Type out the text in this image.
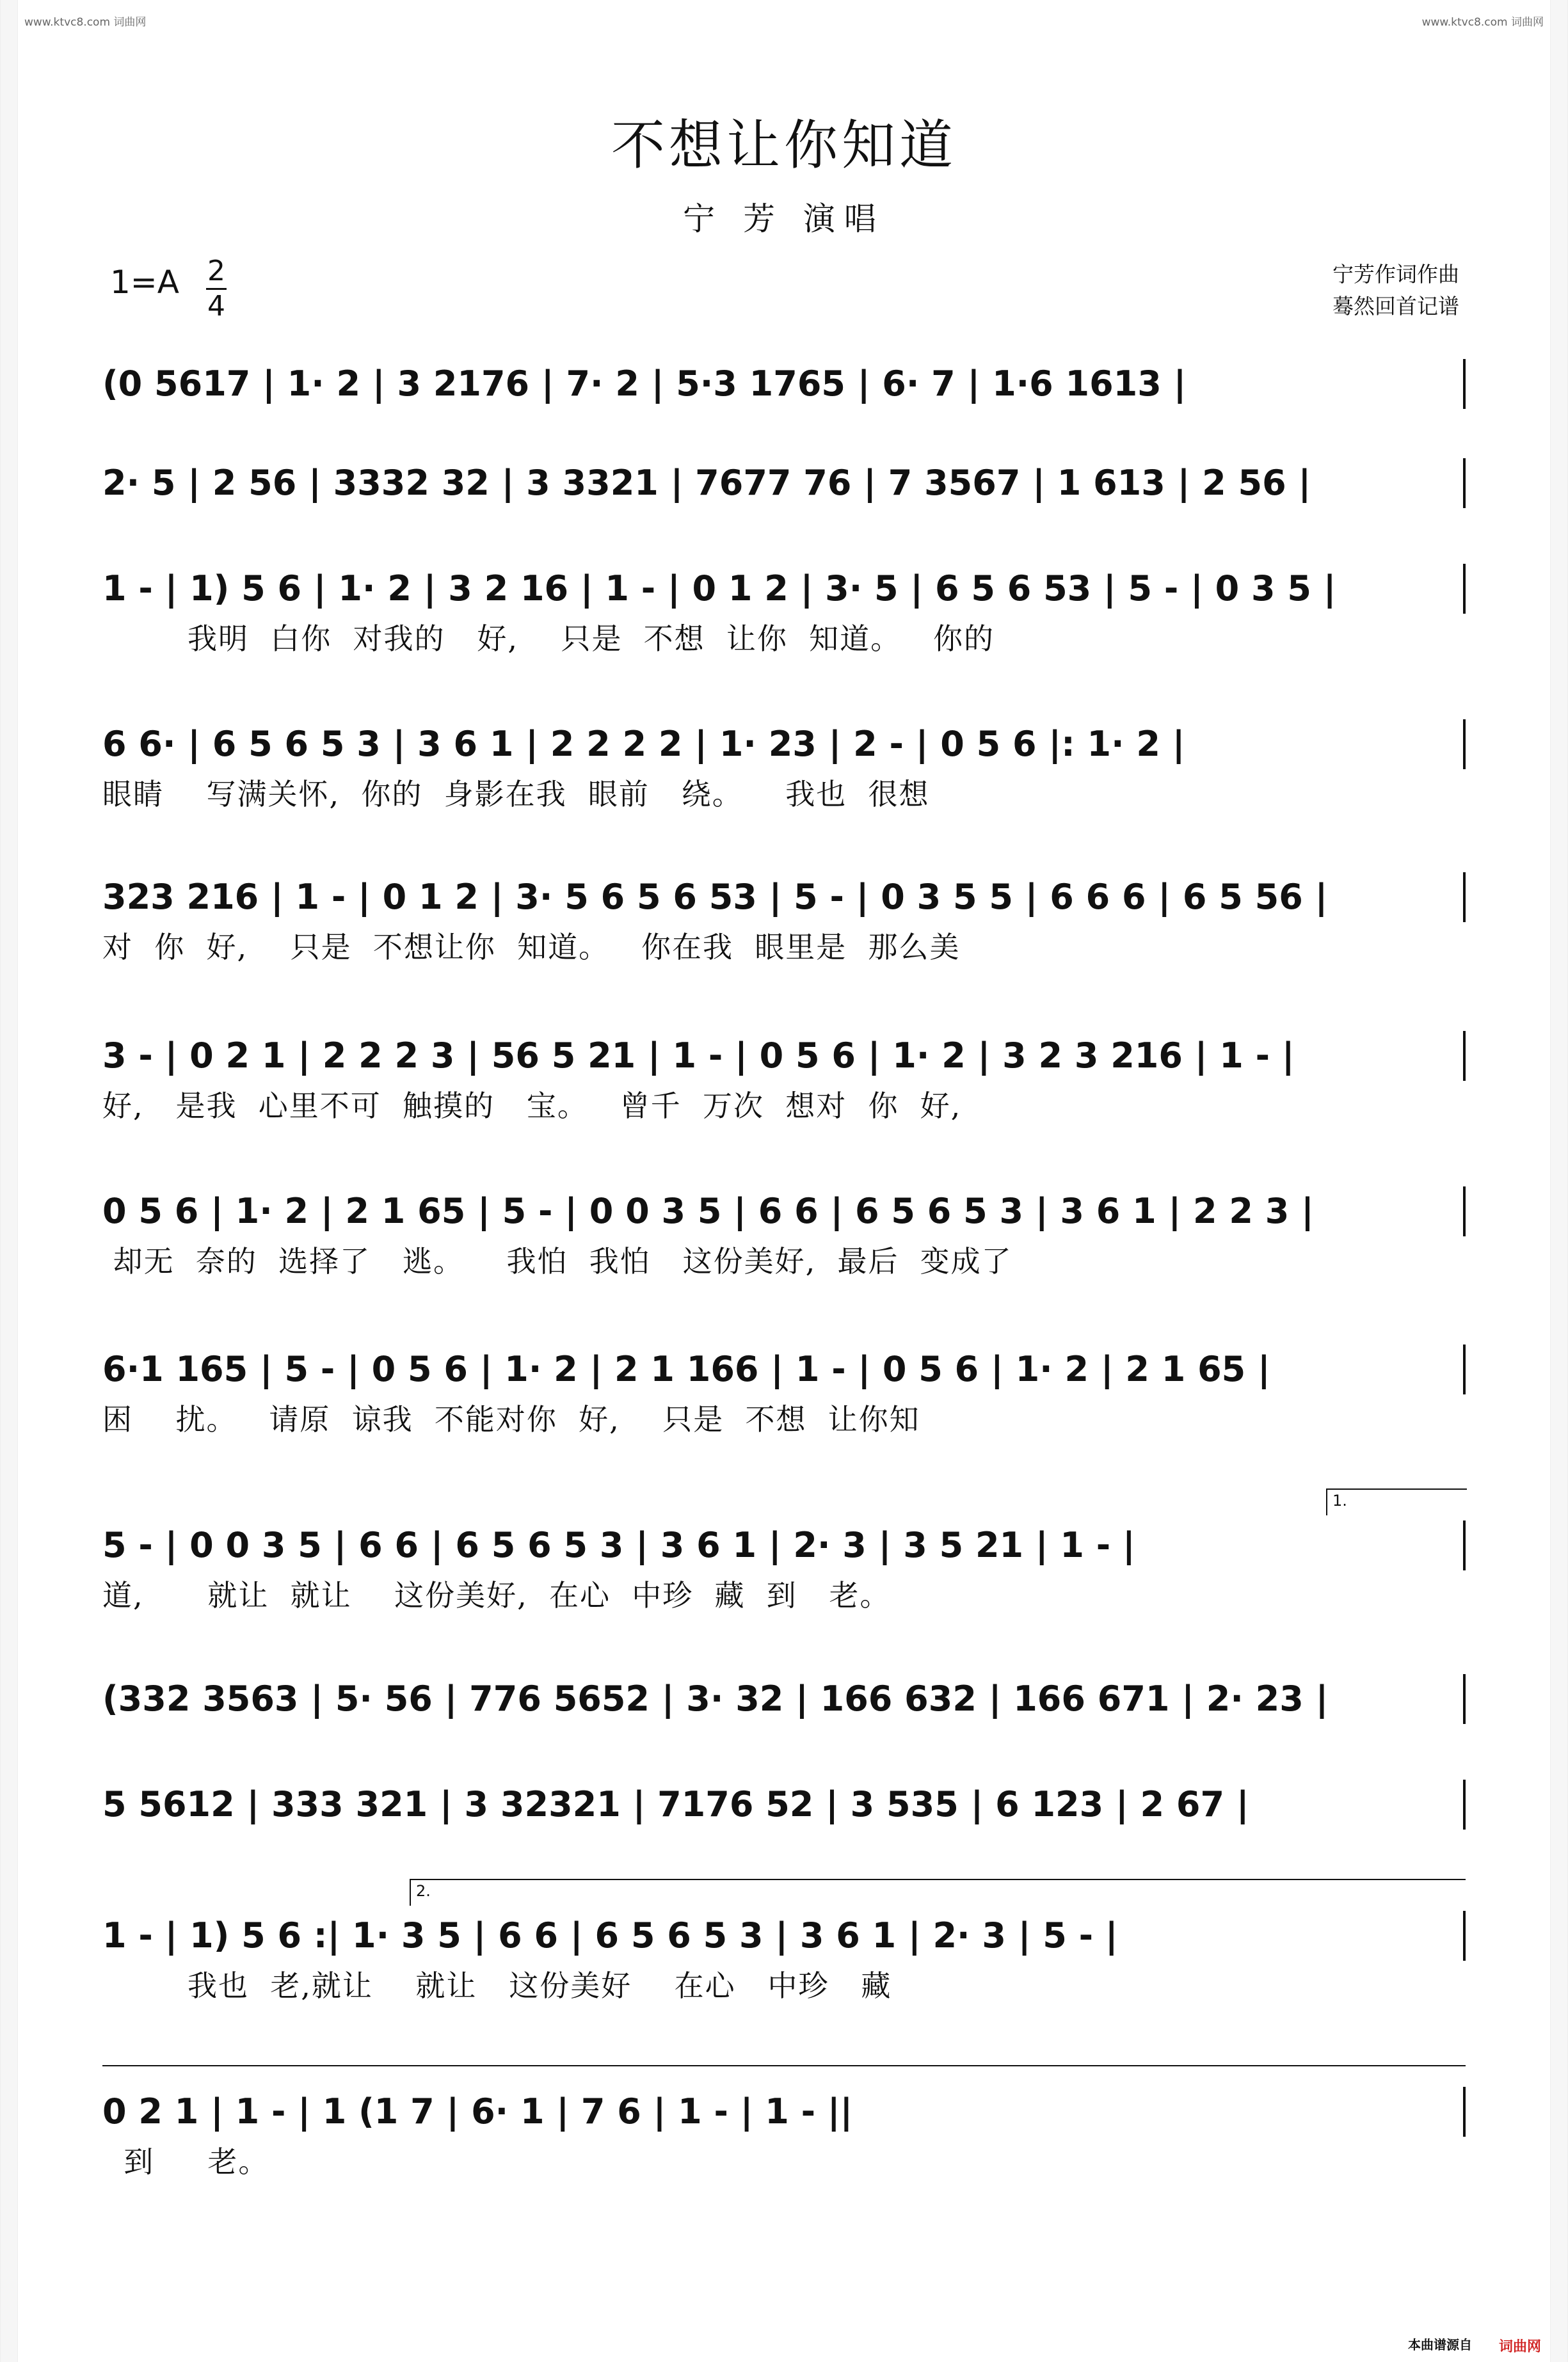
www.ktvc8.com 词曲网	www.ktvc8.com 词曲网
不想让你知道
宁 芳 演唱
1=A 2
4
宁芳作词作曲
蓦然回首记谱
(0 5617 | 1· 2 | 3 2176 | 7· 2 | 5·3 1765 | 6· 7 | 1·6 1613 |
2· 5 | 2 56 | 3332 32 | 3 3321 | 7677 76 | 7 3567 | 1 613 | 2 56 |
1 - | 1) 5 6 | 1· 2 | 3 2 16 | 1 - | 0 1 2 | 3· 5 | 6 5 6 53 | 5 - | 0 3 5 |
我明  白你  对我的   好,    只是  不想  让你  知道。   你的
6 6· | 6 5 6 5 3 | 3 6 1 | 2 2 2 2 | 1· 23 | 2 - | 0 5 6 |: 1· 2 |
眼睛    写满关怀,  你的  身影在我  眼前   绕。    我也  很想
323 216 | 1 - | 0 1 2 | 3· 5 6 5 6 53 | 5 - | 0 3 5 5 | 6 6 6 | 6 5 56 |
对  你  好,    只是  不想让你  知道。   你在我  眼里是  那么美
3 - | 0 2 1 | 2 2 2 3 | 56 5 21 | 1 - | 0 5 6 | 1· 2 | 3 2 3 216 | 1 - |
好,   是我  心里不可  触摸的   宝。   曾千  万次  想对  你  好,
0 5 6 | 1· 2 | 2 1 65 | 5 - | 0 0 3 5 | 6 6 | 6 5 6 5 3 | 3 6 1 | 2 2 3 |
却无  奈的  选择了   逃。    我怕  我怕   这份美好,  最后  变成了
6·1 165 | 5 - | 0 5 6 | 1· 2 | 2 1 166 | 1 - | 0 5 6 | 1· 2 | 2 1 65 |
困    扰。   请原  谅我  不能对你  好,    只是  不想  让你知
1.
5 - | 0 0 3 5 | 6 6 | 6 5 6 5 3 | 3 6 1 | 2· 3 | 3 5 21 | 1 - |
道,      就让  就让    这份美好,  在心  中珍  藏  到   老。
(332 3563 | 5· 56 | 776 5652 | 3· 32 | 166 632 | 166 671 | 2· 23 |
5 5612 | 333 321 | 3 32321 | 7176 52 | 3 535 | 6 123 | 2 67 |
2.
1 - | 1) 5 6 :| 1· 3 5 | 6 6 | 6 5 6 5 3 | 3 6 1 | 2· 3 | 5 - |
我也  老,就让    就让   这份美好    在心   中珍   藏
0 2 1 | 1 - | 1 (1 7 | 6· 1 | 7 6 | 1 - | 1 - ||
到     老。
本曲谱源自 词曲网
